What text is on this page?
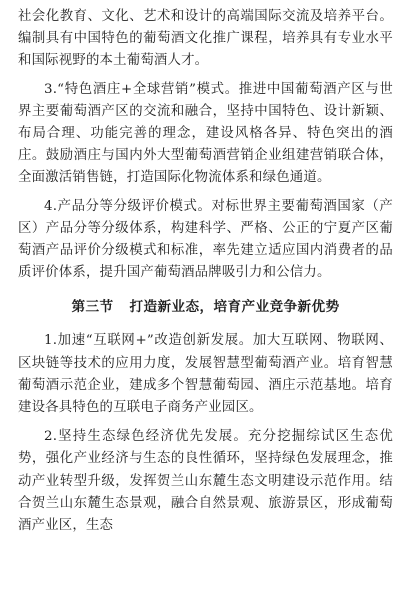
社会化教育、文化、艺术和设计的高端国际交流及培养平台。编制具有中国特色的葡萄酒文化推广课程，培养具有专业水平和国际视野的本土葡萄酒人才。

3.“特色酒庄+全球营销”模式。推进中国葡萄酒产区与世界主要葡萄酒产区的交流和融合，坚持中国特色、设计新颖、布局合理、功能完善的理念，建设风格各异、特色突出的酒庄。鼓励酒庄与国内外大型葡萄酒营销企业组建营销联合体，全面激活销售链，打造国际化物流体系和绿色通道。

4.产品分等分级评价模式。对标世界主要葡萄酒国家（产区）产品分等分级体系，构建科学、严格、公正的宁夏产区葡萄酒产品评价分级模式和标准，率先建立适应国内消费者的品质评价体系，提升国产葡萄酒品牌吸引力和公信力。

第三节 打造新业态，培育产业竞争新优势

1.加速“互联网+”改造创新发展。加大互联网、物联网、区块链等技术的应用力度，发展智慧型葡萄酒产业。培育智慧葡萄酒示范企业，建成多个智慧葡萄园、酒庄示范基地。培育建设各具特色的互联电子商务产业园区。

2.坚持生态绿色经济优先发展。充分挖掘综试区生态优势，强化产业经济与生态的良性循环，坚持绿色发展理念，推动产业转型升级，发挥贺兰山东麓生态文明建设示范作用。结合贺兰山东麓生态景观，融合自然景观、旅游景区，形成葡萄酒产业区，生态
